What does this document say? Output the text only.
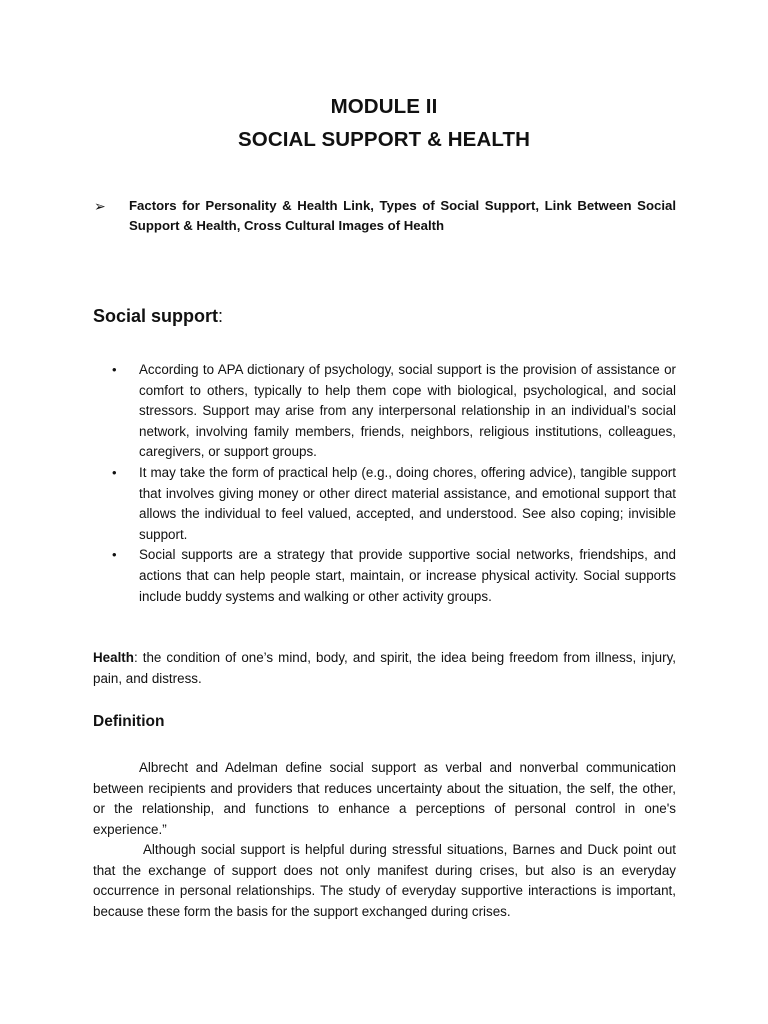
MODULE II
SOCIAL SUPPORT & HEALTH
➢	Factors for Personality & Health Link, Types of Social Support, Link Between Social Support & Health, Cross Cultural Images of Health
Social support:
•	According to APA dictionary of psychology, social support is the provision of assistance or comfort to others, typically to help them cope with biological, psychological, and social stressors. Support may arise from any interpersonal relationship in an individual’s social network, involving family members, friends, neighbors, religious institutions, colleagues, caregivers, or support groups.
•	It may take the form of practical help (e.g., doing chores, offering advice), tangible support that involves giving money or other direct material assistance, and emotional support that allows the individual to feel valued, accepted, and understood. See also coping; invisible support.
•	Social supports are a strategy that provide supportive social networks, friendships, and actions that can help people start, maintain, or increase physical activity. Social supports include buddy systems and walking or other activity groups.
Health: the condition of one’s mind, body, and spirit, the idea being freedom from illness, injury, pain, and distress.
Definition
Albrecht and Adelman define social support as verbal and nonverbal communication between recipients and providers that reduces uncertainty about the situation, the self, the other, or the relationship, and functions to enhance a perceptions of personal control in one's experience.”
Although social support is helpful during stressful situations, Barnes and Duck point out that the exchange of support does not only manifest during crises, but also is an everyday occurrence in personal relationships. The study of everyday supportive interactions is important, because these form the basis for the support exchanged during crises.
